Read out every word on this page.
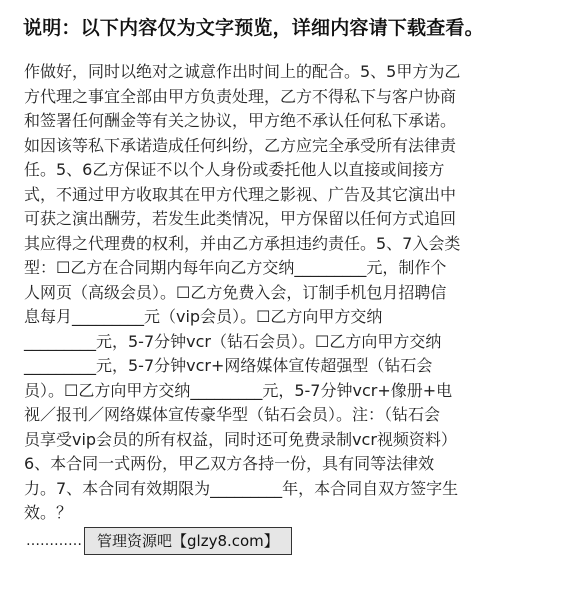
说明：以下内容仅为文字预览，详细内容请下载查看。
作做好，同时以绝对之诚意作出时间上的配合。5、5甲方为乙
方代理之事宜全部由甲方负责处理，乙方不得私下与客户协商
和签署任何酬金等有关之协议，甲方绝不承认任何私下承诺。
如因该等私下承诺造成任何纠纷，乙方应完全承受所有法律责
任。5、6乙方保证不以个人身份或委托他人以直接或间接方
式，不通过甲方收取其在甲方代理之影视、广告及其它演出中
可获之演出酬劳，若发生此类情况，甲方保留以任何方式追回
其应得之代理费的权利，并由乙方承担违约责任。5、7入会类
型：☐乙方在合同期内每年向乙方交纳_________元，制作个
人网页（高级会员）。☐乙方免费入会，订制手机包月招聘信
息每月_________元（vip会员）。☐乙方向甲方交纳
_________元，5-7分钟vcr（钻石会员）。☐乙方向甲方交纳
_________元，5-7分钟vcr+网络媒体宣传超强型（钻石会
员）。☐乙方向甲方交纳_________元，5-7分钟vcr+像册+电
视／报刊／网络媒体宣传豪华型（钻石会员）。注：（钻石会
员享受vip会员的所有权益，同时还可免费录制vcr视频资料）
6、本合同一式两份，甲乙双方各持一份，具有同等法律效
力。7、本合同有效期限为_________年，本合同自双方签字生
效。？
…………	管理资源吧【glzy8.com】
